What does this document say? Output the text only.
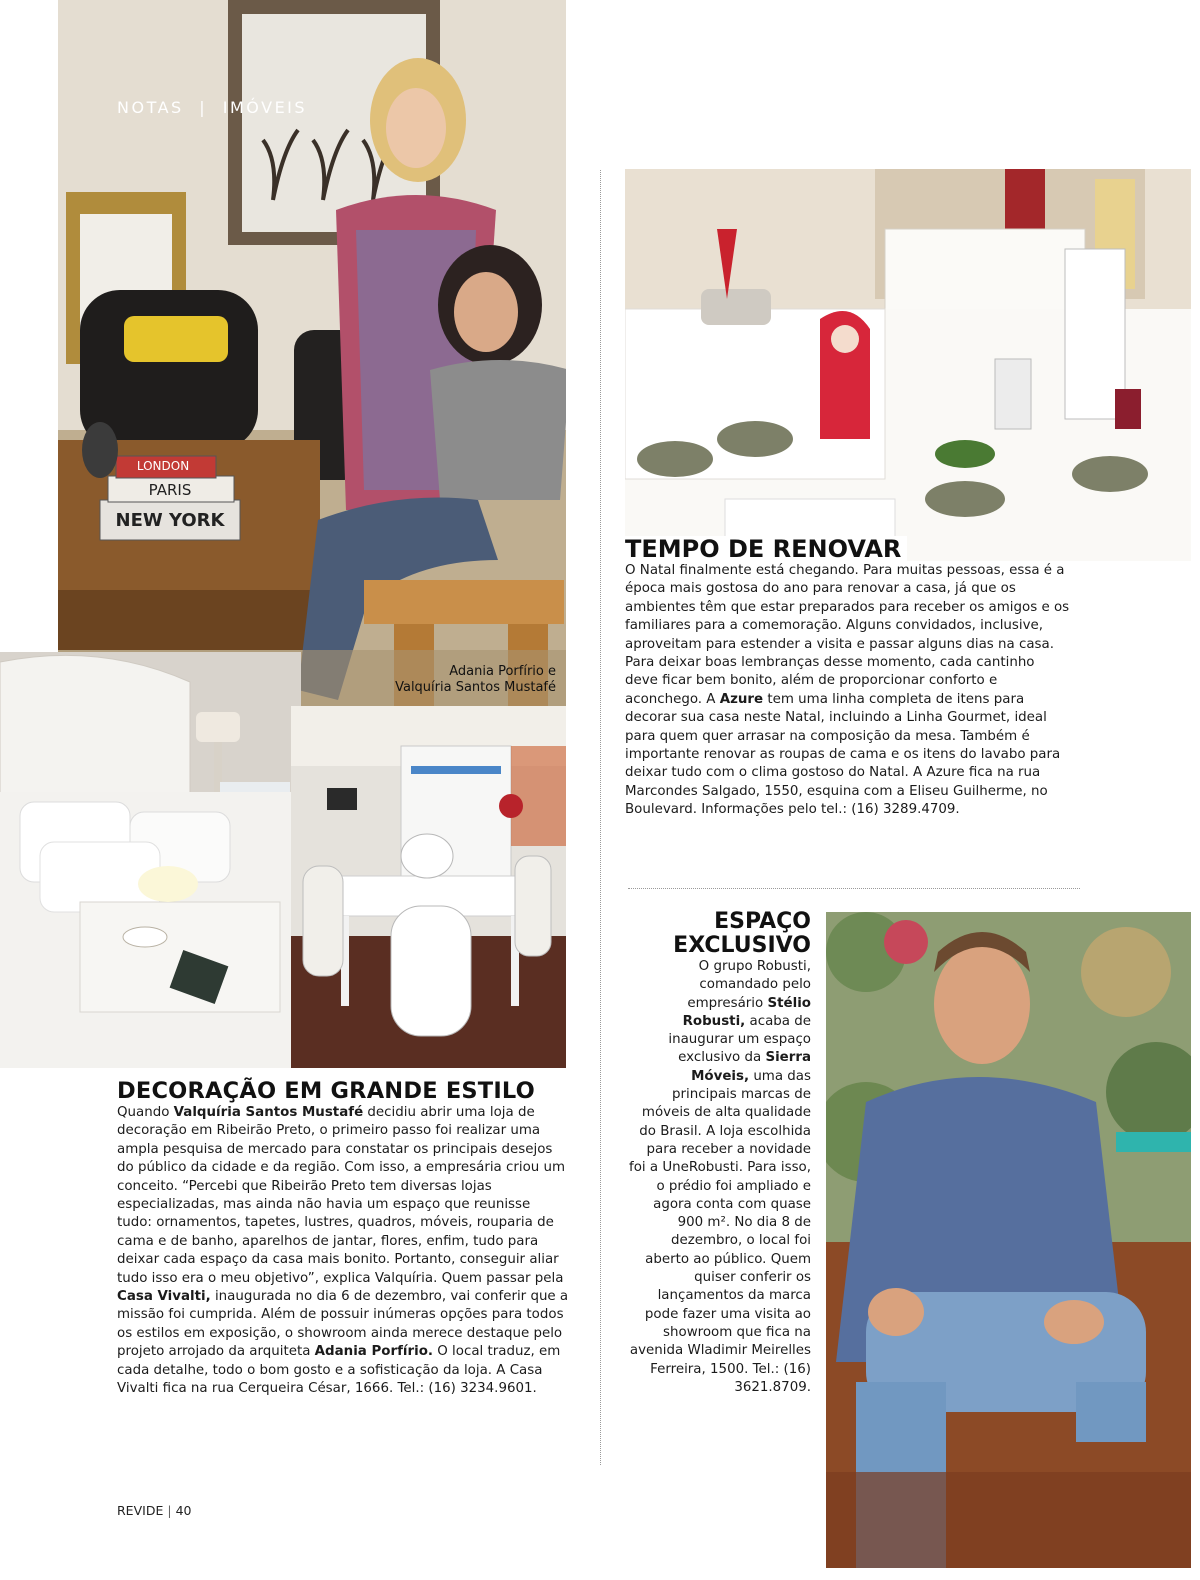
LONDON
PARIS
NEW YORK
NOTAS | IMÓVEIS
Adania Porfírio e
Valquíria Santos Mustafé
DECORAÇÃO EM GRANDE ESTILO

Quando Valquíria Santos Mustafé decidiu abrir uma loja de decoração em Ribeirão Preto, o primeiro passo foi realizar uma ampla pesquisa de mercado para constatar os principais desejos do público da cidade e da região. Com isso, a empresária criou um conceito. “Percebi que Ribeirão Preto tem diversas lojas especializadas, mas ainda não havia um espaço que reunisse tudo: ornamentos, tapetes, lustres, quadros, móveis, rouparia de cama e de banho, aparelhos de jantar, flores, enfim, tudo para deixar cada espaço da casa mais bonito. Portanto, conseguir aliar tudo isso era o meu objetivo”, explica Valquíria. Quem passar pela Casa Vivalti, inaugurada no dia 6 de dezembro, vai conferir que a missão foi cumprida. Além de possuir inúmeras opções para todos os estilos em exposição, o showroom ainda merece destaque pelo projeto arrojado da arquiteta Adania Porfírio. O local traduz, em cada detalhe, todo o bom gosto e a sofisticação da loja. A Casa Vivalti fica na rua Cerqueira César, 1666. Tel.: (16) 3234.9601.

TEMPO DE RENOVAR

O Natal finalmente está chegando. Para muitas pessoas, essa é a época mais gostosa do ano para renovar a casa, já que os ambientes têm que estar preparados para receber os amigos e os familiares para a comemoração. Alguns convidados, inclusive, aproveitam para estender a visita e passar alguns dias na casa. Para deixar boas lembranças desse momento, cada cantinho deve ficar bem bonito, além de proporcionar conforto e aconchego. A Azure tem uma linha completa de itens para decorar sua casa neste Natal, incluindo a Linha Gourmet, ideal para quem quer arrasar na composição da mesa. Também é importante renovar as roupas de cama e os itens do lavabo para deixar tudo com o clima gostoso do Natal. A Azure fica na rua Marcondes Salgado, 1550, esquina com a Eliseu Guilherme, no Boulevard. Informações pelo tel.: (16) 3289.4709.

ESPAÇO
EXCLUSIVO

O grupo Robusti, comandado pelo empresário Stélio Robusti, acaba de inaugurar um espaço exclusivo da Sierra Móveis, uma das principais marcas de móveis de alta qualidade do Brasil. A loja escolhida para receber a novidade foi a UneRobusti. Para isso, o prédio foi ampliado e agora conta com quase 900 m². No dia 8 de dezembro, o local foi aberto ao público. Quem quiser conferir os lançamentos da marca pode fazer uma visita ao showroom que fica na avenida Wladimir Meirelles Ferreira, 1500. Tel.: (16) 3621.8709.

REVIDE | 40
